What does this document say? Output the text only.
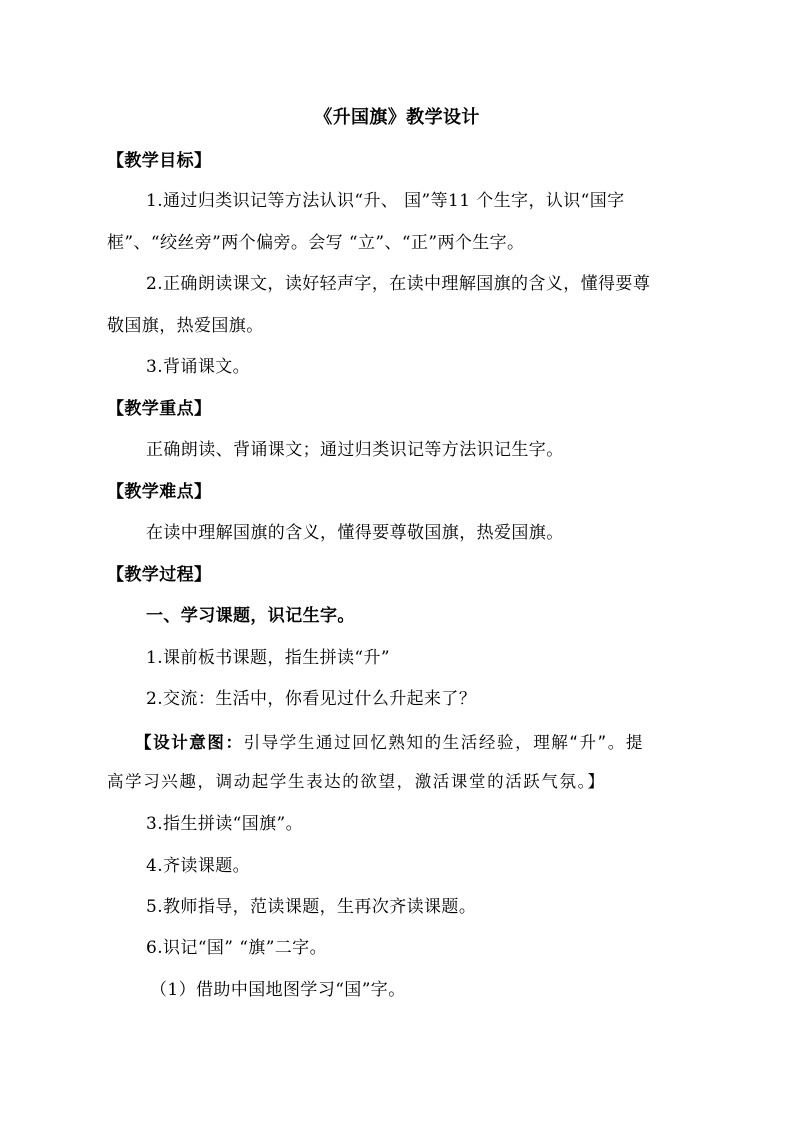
《升国旗》教学设计
【教学目标】
1.通过归类识记等方法认识“升、 国”等11 个生字，认识“国字
框”、“绞丝旁”两个偏旁。会写 “立”、“正”两个生字。
2.正确朗读课文，读好轻声字，在读中理解国旗的含义，懂得要尊
敬国旗，热爱国旗。
3.背诵课文。
【教学重点】
正确朗读、背诵课文；通过归类识记等方法识记生字。
【教学难点】
在读中理解国旗的含义，懂得要尊敬国旗，热爱国旗。
【教学过程】
一、学习课题，识记生字。
1.课前板书课题，指生拼读“升”
2.交流：生活中，你看见过什么升起来了？
【设计意图：引导学生通过回忆熟知的生活经验，理解“升”。提
高学习兴趣，调动起学生表达的欲望，激活课堂的活跃气氛。】
3.指生拼读“国旗”。
4.齐读课题。
5.教师指导，范读课题，生再次齐读课题。
6.识记“国” “旗”二字。
（1）借助中国地图学习“国”字。
